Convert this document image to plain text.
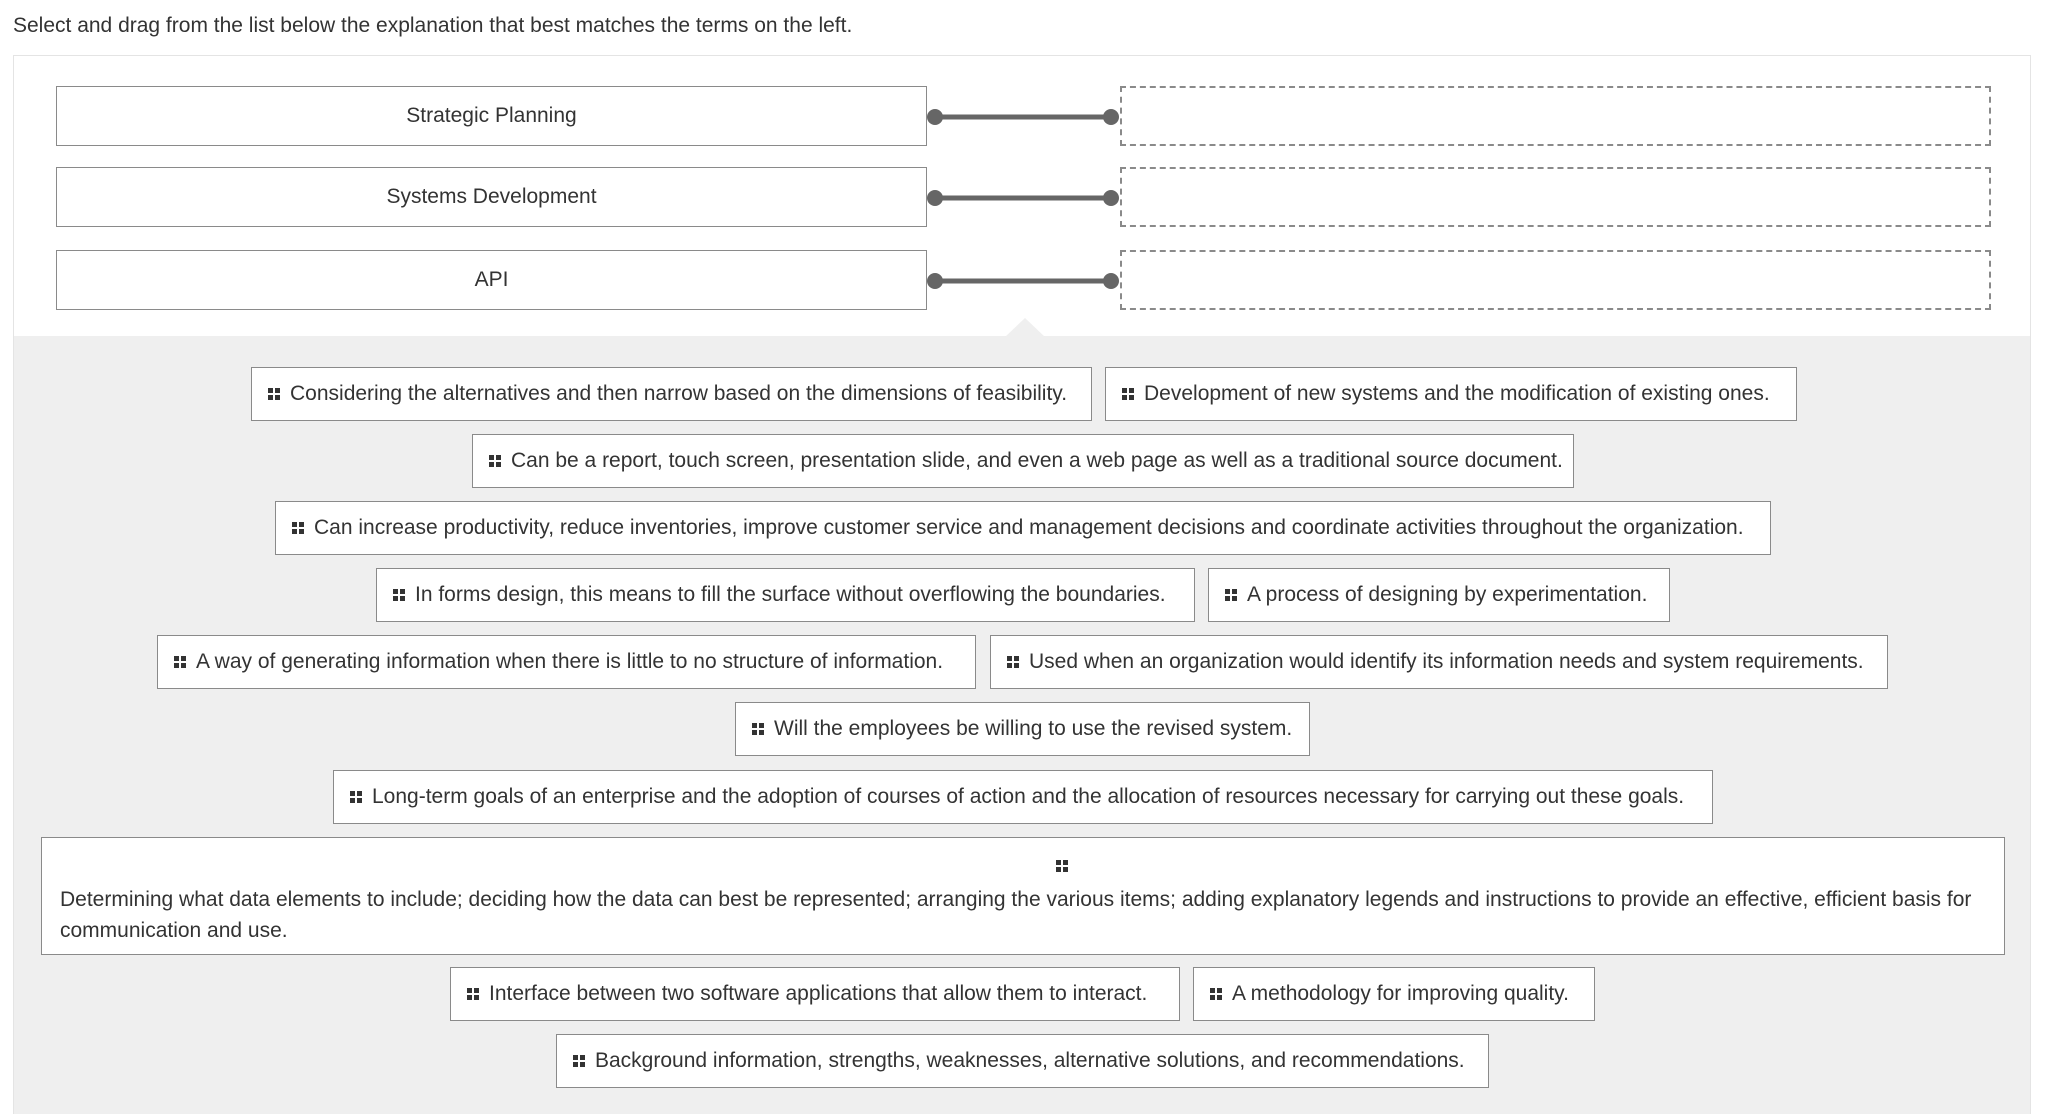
Select and drag from the list below the explanation that best matches the terms on the left.
Strategic Planning
Systems Development
API
Considering the alternatives and then narrow based on the dimensions of feasibility.	Development of new systems and the modification of existing ones.
Can be a report, touch screen, presentation slide, and even a web page as well as a traditional source document.
Can increase productivity, reduce inventories, improve customer service and management decisions and coordinate activities throughout the organization.
In forms design, this means to fill the surface without overflowing the boundaries.	A process of designing by experimentation.
A way of generating information when there is little to no structure of information.	Used when an organization would identify its information needs and system requirements.
Will the employees be willing to use the revised system.
Long-term goals of an enterprise and the adoption of courses of action and the allocation of resources necessary for carrying out these goals.
Determining what data elements to include; deciding how the data can best be represented; arranging the various items; adding explanatory legends and instructions to provide an effective, efficient basis for communication and use.
Interface between two software applications that allow them to interact.	A methodology for improving quality.
Background information, strengths, weaknesses, alternative solutions, and recommendations.
